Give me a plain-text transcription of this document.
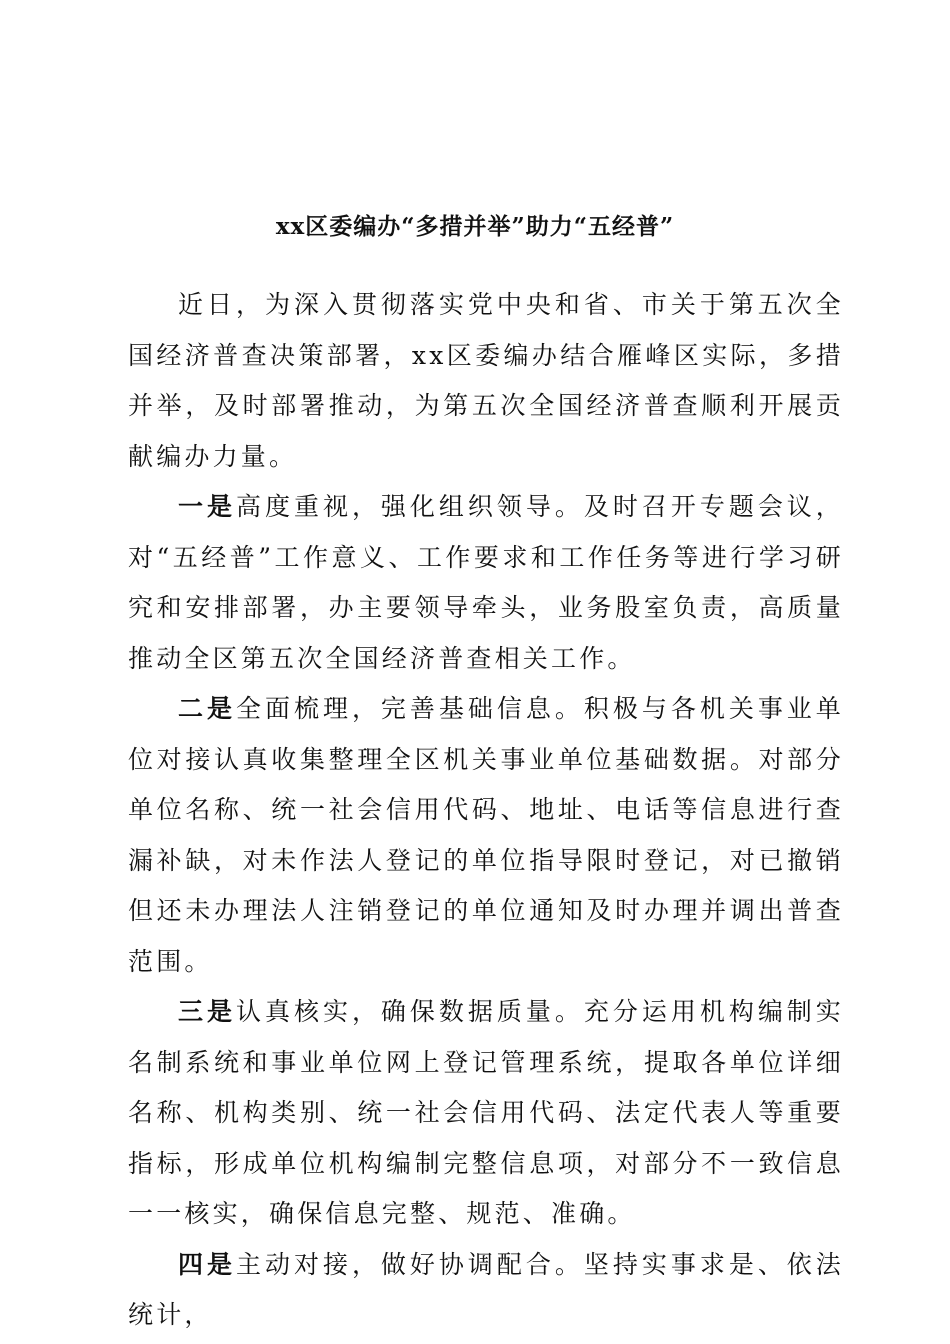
xx区委编办“多措并举”助力“五经普”

近日，为深入贯彻落实党中央和省、市关于第五次全国经济普查决策部署，xx区委编办结合雁峰区实际，多措并举，及时部署推动，为第五次全国经济普查顺利开展贡献编办力量。

一是高度重视，强化组织领导。及时召开专题会议，对“五经普”工作意义、工作要求和工作任务等进行学习研究和安排部署，办主要领导牵头，业务股室负责，高质量推动全区第五次全国经济普查相关工作。

二是全面梳理，完善基础信息。积极与各机关事业单位对接认真收集整理全区机关事业单位基础数据。对部分单位名称、统一社会信用代码、地址、电话等信息进行查漏补缺，对未作法人登记的单位指导限时登记，对已撤销但还未办理法人注销登记的单位通知及时办理并调出普查范围。

三是认真核实，确保数据质量。充分运用机构编制实名制系统和事业单位网上登记管理系统，提取各单位详细名称、机构类别、统一社会信用代码、法定代表人等重要指标，形成单位机构编制完整信息项，对部分不一致信息一一核实，确保信息完整、规范、准确。

四是主动对接，做好协调配合。坚持实事求是、依法统计，
